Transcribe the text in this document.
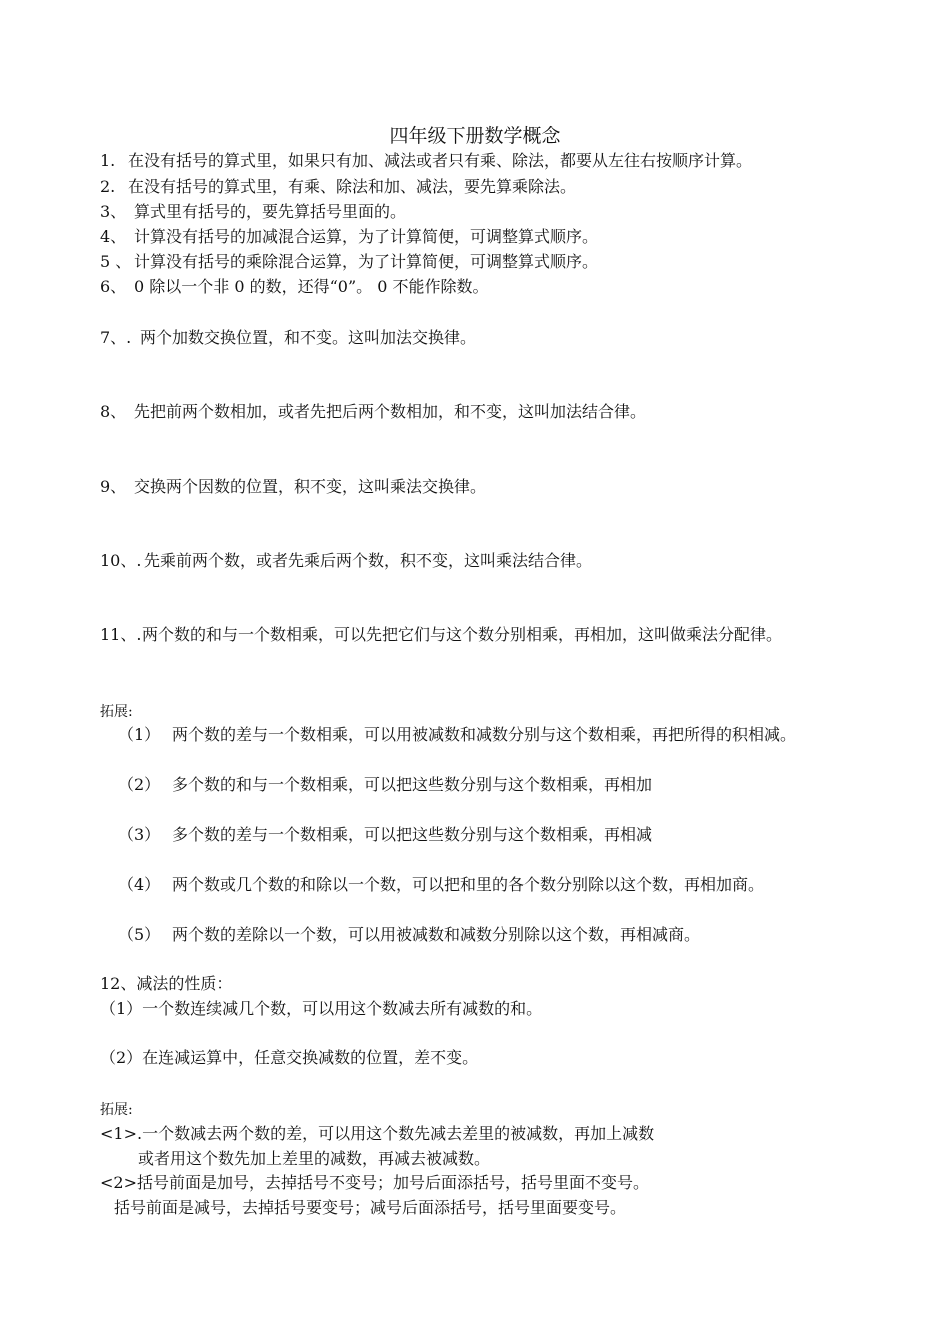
四年级下册数学概念
1. 在没有括号的算式里，如果只有加、减法或者只有乘、除法，都要从左往右按顺序计算。
2. 在没有括号的算式里，有乘、除法和加、减法，要先算乘除法。
3、 算式里有括号的，要先算括号里面的。
4、 计算没有括号的加减混合运算，为了计算简便，可调整算式顺序。
5 、 计算没有括号的乘除混合运算，为了计算简便，可调整算式顺序。
6、 0 除以一个非 0 的数，还得“0”。 0 不能作除数。
7、. 两个加数交换位置，和不变。这叫加法交换律。
8、 先把前两个数相加，或者先把后两个数相加，和不变，这叫加法结合律。
9、 交换两个因数的位置，积不变，这叫乘法交换律。
10、. 先乘前两个数，或者先乘后两个数，积不变，这叫乘法结合律。
11、.两个数的和与一个数相乘，可以先把它们与这个数分别相乘，再相加，这叫做乘法分配律。
拓展:
（1） 两个数的差与一个数相乘，可以用被减数和减数分别与这个数相乘，再把所得的积相减。
（2） 多个数的和与一个数相乘，可以把这些数分别与这个数相乘，再相加
（3） 多个数的差与一个数相乘，可以把这些数分别与这个数相乘，再相减
（4） 两个数或几个数的和除以一个数，可以把和里的各个数分别除以这个数，再相加商。
（5） 两个数的差除以一个数，可以用被减数和减数分别除以这个数，再相减商。
12、减法的性质：
（1）一个数连续减几个数，可以用这个数减去所有减数的和。
（2）在连减运算中，任意交换减数的位置，差不变。
拓展:
<1>.一个数减去两个数的差，可以用这个数先减去差里的被减数，再加上减数
或者用这个数先加上差里的减数，再减去被减数。
<2>括号前面是加号，去掉括号不变号；加号后面添括号，括号里面不变号。
括号前面是减号，去掉括号要变号；减号后面添括号，括号里面要变号。
